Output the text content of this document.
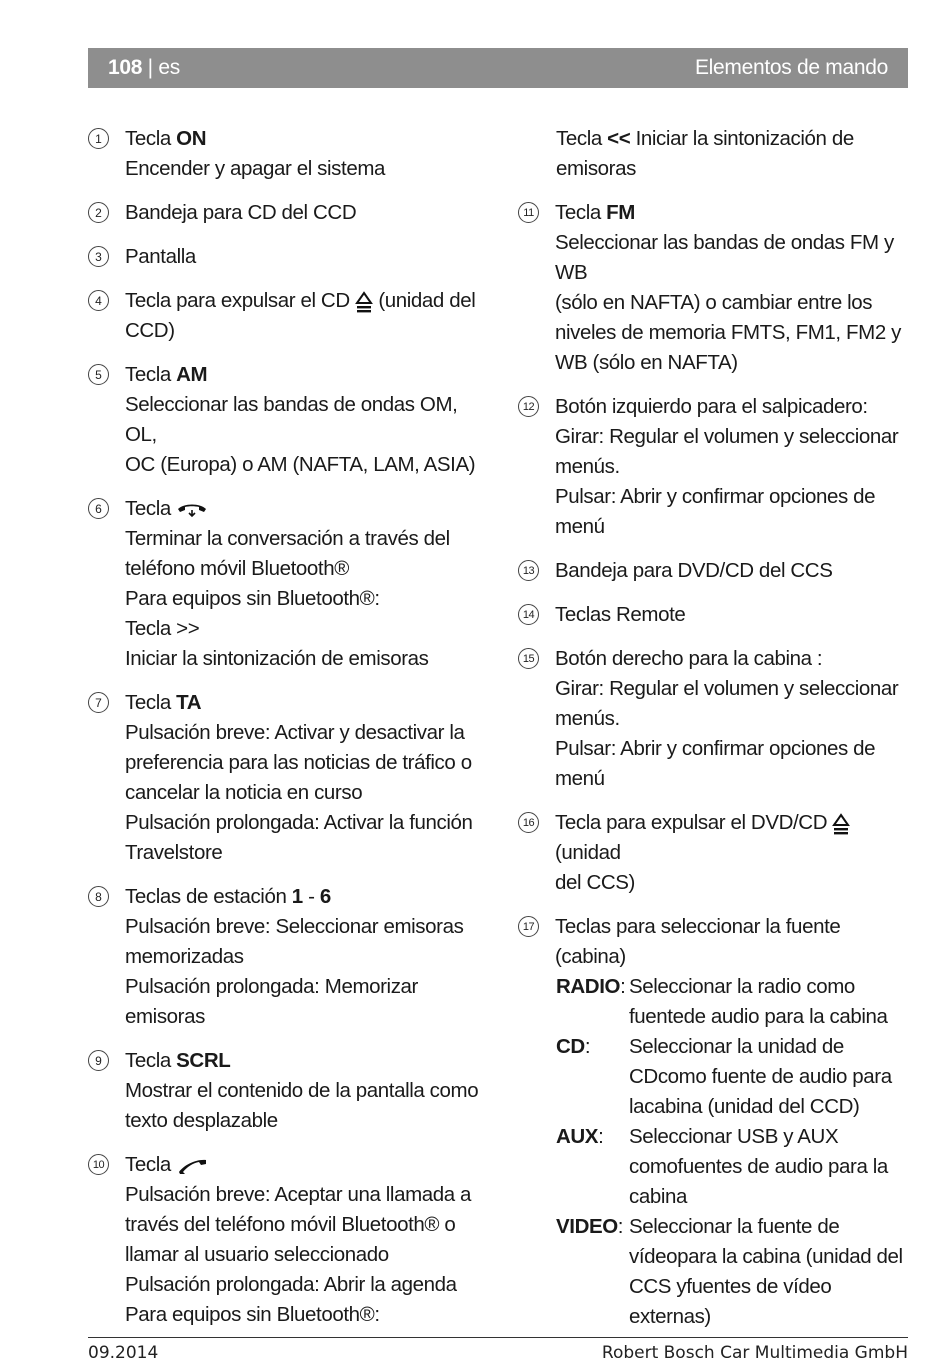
108 | es	Elementos de mando
1	Tecla ON
Encender y apagar el sistema
2	Bandeja para CD del CCD
3	Pantalla
4	Tecla para expulsar el CD  (unidad del
CCD)
5	Tecla AM
Seleccionar las bandas de ondas OM, OL,
OC (Europa) o AM (NAFTA, LAM, ASIA)
6	Tecla
Terminar la conversación a través del
teléfono móvil Bluetooth®
Para equipos sin Bluetooth®:
Tecla >>
Iniciar la sintonización de emisoras
7	Tecla TA
Pulsación breve: Activar y desactivar la
preferencia para las noticias de tráfico o
cancelar la noticia en curso
Pulsación prolongada: Activar la función
Travelstore
8	Teclas de estación 1 - 6
Pulsación breve: Seleccionar emisoras
memorizadas
Pulsación prolongada: Memorizar
emisoras
9	Tecla SCRL
Mostrar el contenido de la pantalla como
texto desplazable
10 Tecla
Pulsación breve: Aceptar una llamada a
través del teléfono móvil Bluetooth® o
llamar al usuario seleccionado
Pulsación prolongada: Abrir la agenda
Para equipos sin Bluetooth®:
Tecla << Iniciar la sintonización de emisoras
11 Tecla FM
Seleccionar las bandas de ondas FM y WB
(sólo en NAFTA) o cambiar entre los
niveles de memoria FMTS, FM1, FM2 y
WB (sólo en NAFTA)
12 Botón izquierdo para el salpicadero:
Girar: Regular el volumen y seleccionar
menús.
Pulsar: Abrir y confirmar opciones de
menú
13 Bandeja para DVD/CD del CCS
14 Teclas Remote
15 Botón derecho para la cabina :
Girar: Regular el volumen y seleccionar
menús.
Pulsar: Abrir y confirmar opciones de
menú
16 Tecla para expulsar el DVD/CD  (unidad
del CCS)
17 Teclas para seleccionar la fuente (cabina)
RADIO: Seleccionar la radio como fuentede audio para la cabina
CD:	Seleccionar la unidad de CDcomo fuente de audio para lacabina (unidad del CCD)
AUX:	Seleccionar USB y AUX comofuentes de audio para la cabina
VIDEO: Seleccionar la fuente de vídeopara la cabina (unidad del CCS yfuentes de vídeo externas)
09.2014	Robert Bosch Car Multimedia GmbH
